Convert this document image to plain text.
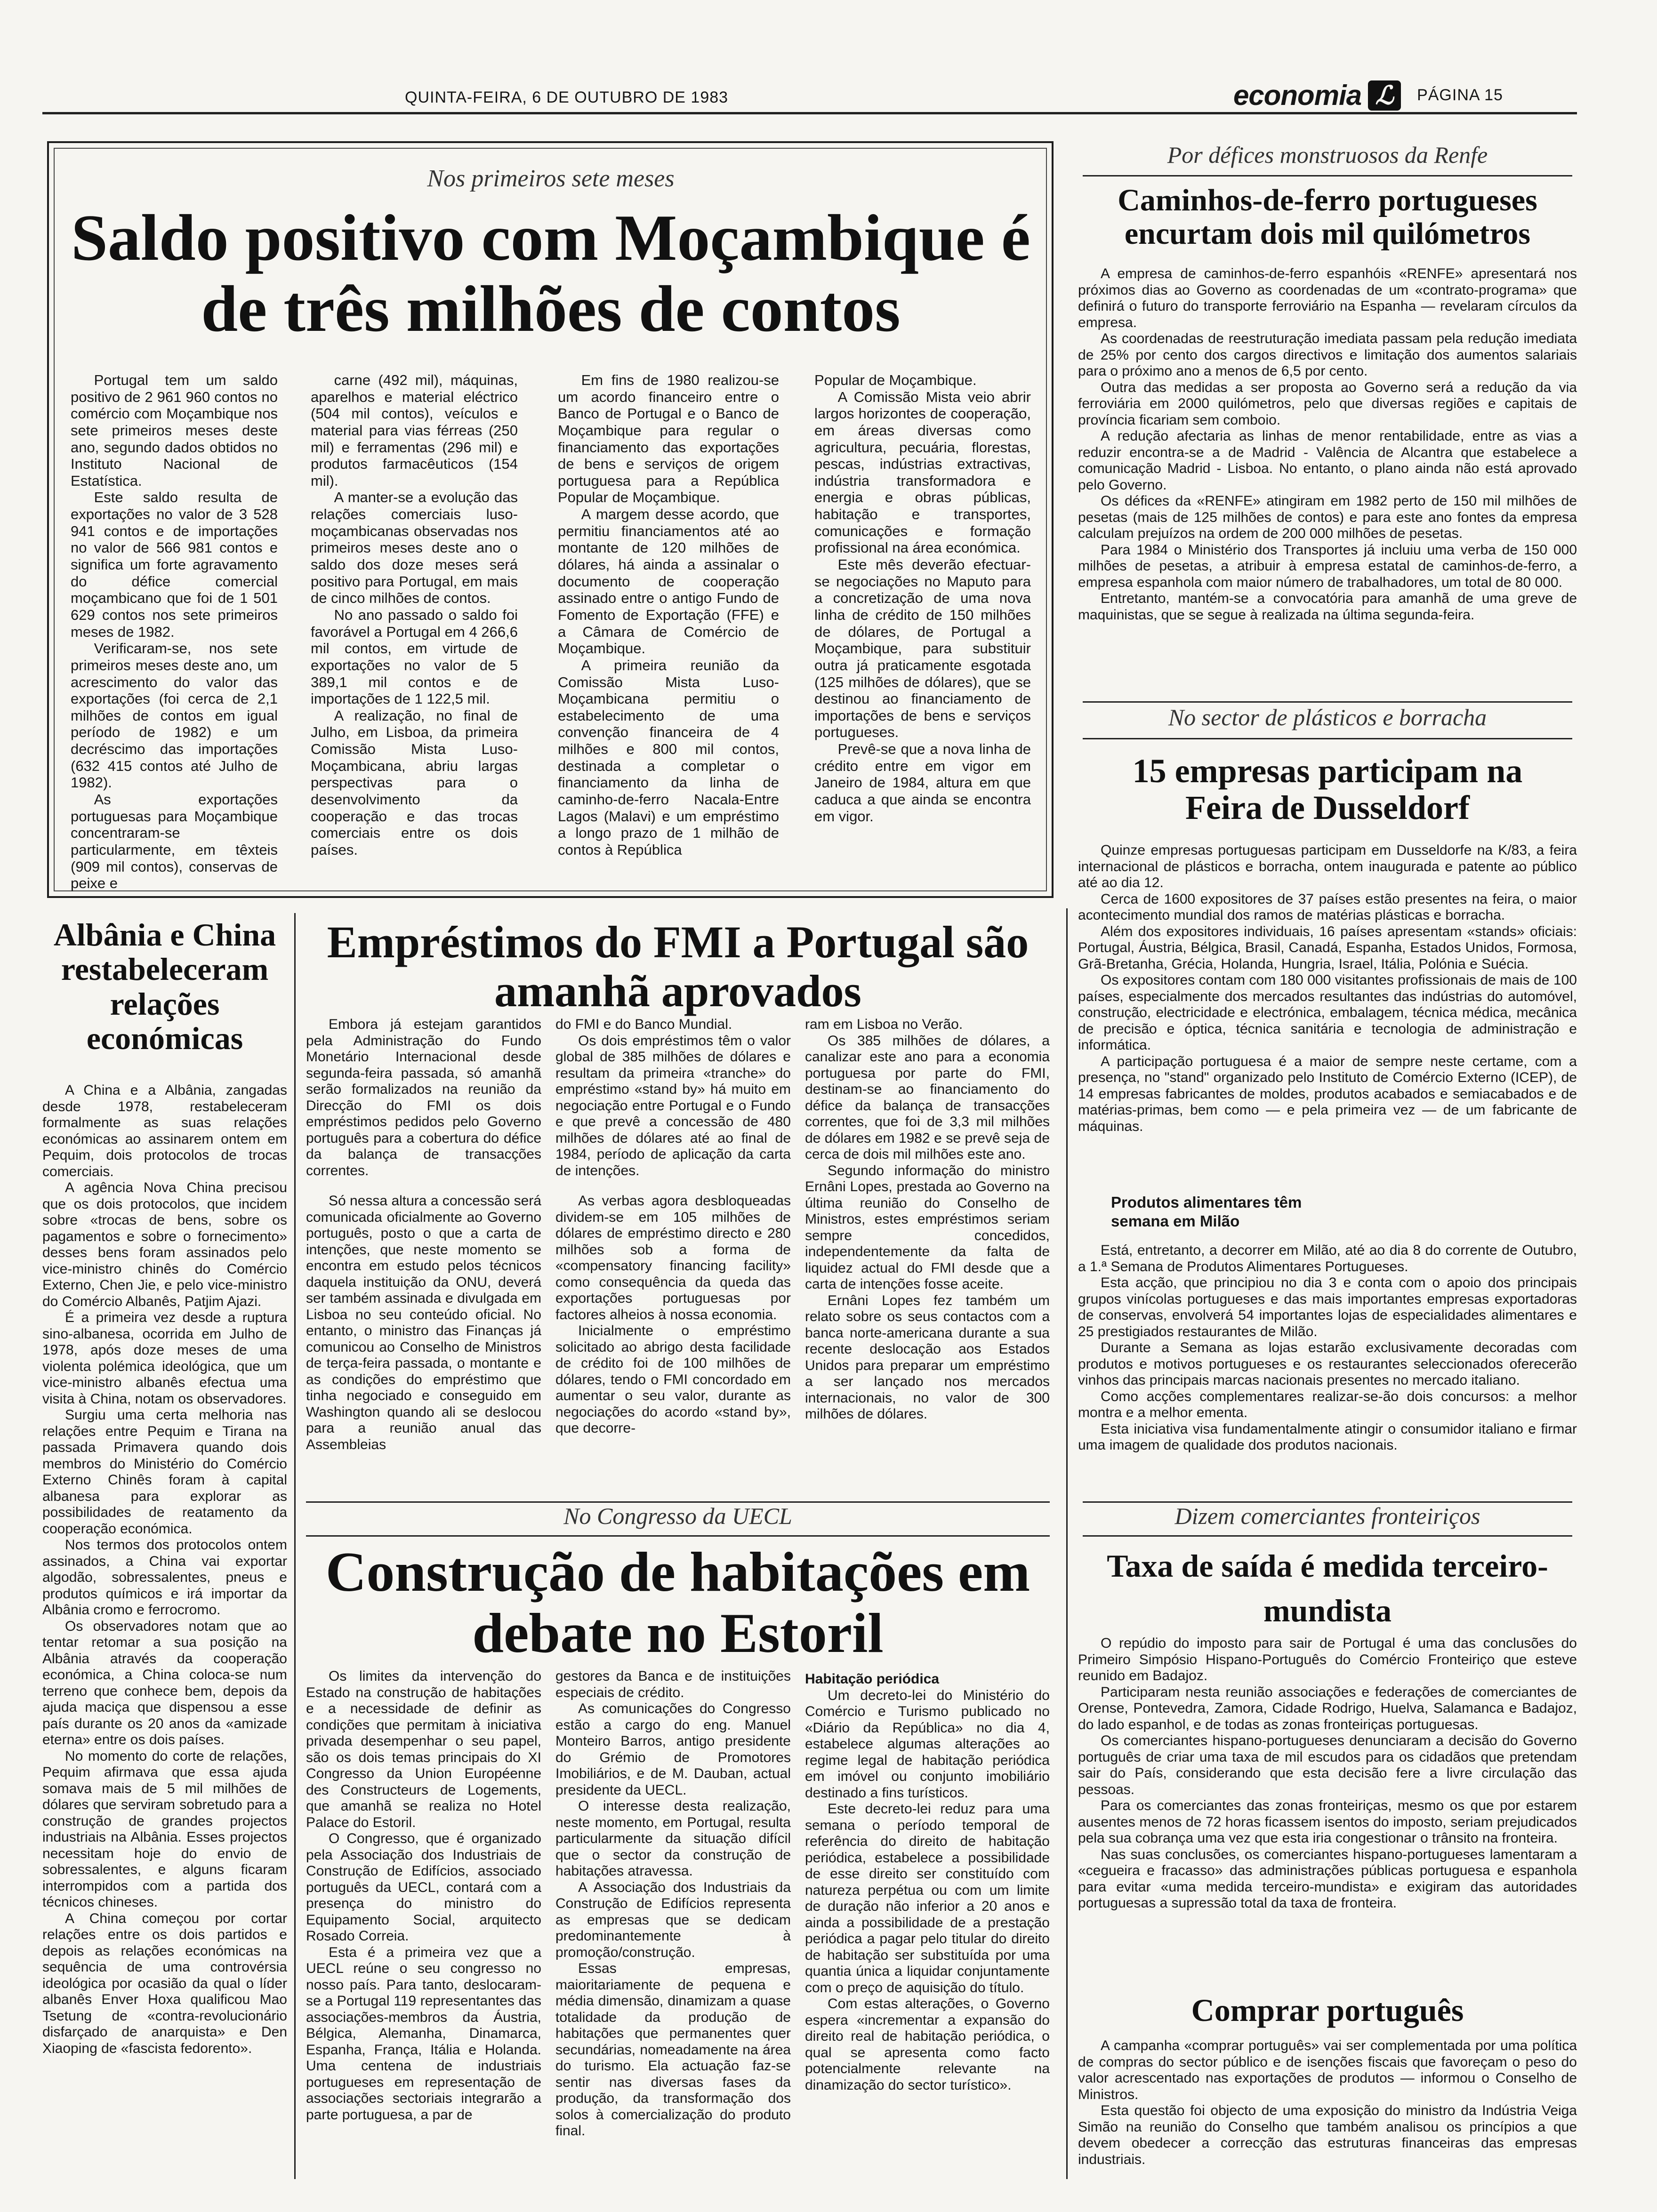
QUINTA-FEIRA, 6 DE OUTUBRO DE 1983	economia ℒ	PÁGINA 15
Nos primeiros sete meses
Saldo positivo com Moçambique é de três milhões de contos

Portugal tem um saldo positivo de 2 961 960 contos no comércio com Moçambique nos sete primeiros meses deste ano, segundo dados obtidos no Instituto Nacional de Estatística.

Este saldo resulta de exportações no valor de 3 528 941 contos e de importações no valor de 566 981 contos e significa um forte agravamento do défice comercial moçambicano que foi de 1 501 629 contos nos sete primeiros meses de 1982.

Verificaram-se, nos sete primeiros meses deste ano, um acrescimento do valor das exportações (foi cerca de 2,1 milhões de contos em igual período de 1982) e um decréscimo das importações (632 415 contos até Julho de 1982).

As exportações portuguesas para Moçambique concentraram-se particularmente, em têxteis (909 mil contos), conservas de peixe e

carne (492 mil), máquinas, aparelhos e material eléctrico (504 mil contos), veículos e material para vias férreas (250 mil) e ferramentas (296 mil) e produtos farmacêuticos (154 mil).

A manter-se a evolução das relações comerciais luso-moçambicanas observadas nos primeiros meses deste ano o saldo dos doze meses será positivo para Portugal, em mais de cinco milhões de contos.

No ano passado o saldo foi favorável a Portugal em 4 266,6 mil contos, em virtude de exportações no valor de 5 389,1 mil contos e de importações de 1 122,5 mil.

A realização, no final de Julho, em Lisboa, da primeira Comissão Mista Luso-Moçambicana, abriu largas perspectivas para o desenvolvimento da cooperação e das trocas comerciais entre os dois países.

Em fins de 1980 realizou-se um acordo financeiro entre o Banco de Portugal e o Banco de Moçambique para regular o financiamento das exportações de bens e serviços de origem portuguesa para a República Popular de Moçambique.

A margem desse acordo, que permitiu financiamentos até ao montante de 120 milhões de dólares, há ainda a assinalar o documento de cooperação assinado entre o antigo Fundo de Fomento de Exportação (FFE) e a Câmara de Comércio de Moçambique.

A primeira reunião da Comissão Mista Luso-Moçambicana permitiu o estabelecimento de uma convenção financeira de 4 milhões e 800 mil contos, destinada a completar o financiamento da linha de caminho-de-ferro Nacala-Entre Lagos (Malavi) e um empréstimo a longo prazo de 1 milhão de contos à República

Popular de Moçambique.

A Comissão Mista veio abrir largos horizontes de cooperação, em áreas diversas como agricultura, pecuária, florestas, pescas, indústrias extractivas, indústria transformadora e energia e obras públicas, habitação e transportes, comunicações e formação profissional na área económica.

Este mês deverão efectuar-se negociações no Maputo para a concretização de uma nova linha de crédito de 150 milhões de dólares, de Portugal a Moçambique, para substituir outra já praticamente esgotada (125 milhões de dólares), que se destinou ao financiamento de importações de bens e serviços portugueses.

Prevê-se que a nova linha de crédito entre em vigor em Janeiro de 1984, altura em que caduca a que ainda se encontra em vigor.

Por défices monstruosos da Renfe
Caminhos-de-ferro portugueses encurtam dois mil quilómetros

A empresa de caminhos-de-ferro espanhóis «RENFE» apresentará nos próximos dias ao Governo as coordenadas de um «contrato-programa» que definirá o futuro do transporte ferroviário na Espanha — revelaram círculos da empresa.

As coordenadas de reestruturação imediata passam pela redução imediata de 25% por cento dos cargos directivos e limitação dos aumentos salariais para o próximo ano a menos de 6,5 por cento.

Outra das medidas a ser proposta ao Governo será a redução da via ferroviária em 2000 quilómetros, pelo que diversas regiões e capitais de província ficariam sem comboio.

A redução afectaria as linhas de menor rentabilidade, entre as vias a reduzir encontra-se a de Madrid - Valência de Alcantra que estabelece a comunicação Madrid - Lisboa. No entanto, o plano ainda não está aprovado pelo Governo.

Os défices da «RENFE» atingiram em 1982 perto de 150 mil milhões de pesetas (mais de 125 milhões de contos) e para este ano fontes da empresa calculam prejuízos na ordem de 200 000 milhões de pesetas.

Para 1984 o Ministério dos Transportes já incluiu uma verba de 150 000 milhões de pesetas, a atribuir à empresa estatal de caminhos-de-ferro, a empresa espanhola com maior número de trabalhadores, um total de 80 000.

Entretanto, mantém-se a convocatória para amanhã de uma greve de maquinistas, que se segue à realizada na última segunda-feira.

No sector de plásticos e borracha
15 empresas participam na Feira de Dusseldorf

Quinze empresas portuguesas participam em Dusseldorfe na K/83, a feira internacional de plásticos e borracha, ontem inaugurada e patente ao público até ao dia 12.

Cerca de 1600 expositores de 37 países estão presentes na feira, o maior acontecimento mundial dos ramos de matérias plásticas e borracha.

Além dos expositores individuais, 16 países apresentam «stands» oficiais: Portugal, Áustria, Bélgica, Brasil, Canadá, Espanha, Estados Unidos, Formosa, Grã-Bretanha, Grécia, Holanda, Hungria, Israel, Itália, Polónia e Suécia.

Os expositores contam com 180 000 visitantes profissionais de mais de 100 países, especialmente dos mercados resultantes das indústrias do automóvel, construção, electricidade e electrónica, embalagem, técnica médica, mecânica de precisão e óptica, técnica sanitária e tecnologia de administração e informática.

A participação portuguesa é a maior de sempre neste certame, com a presença, no "stand" organizado pelo Instituto de Comércio Externo (ICEP), de 14 empresas fabricantes de moldes, produtos acabados e semiacabados e de matérias-primas, bem como — e pela primeira vez — de um fabricante de máquinas.

Produtos alimentares têm semana em Milão

Está, entretanto, a decorrer em Milão, até ao dia 8 do corrente de Outubro, a 1.ª Semana de Produtos Alimentares Portugueses.

Esta acção, que principiou no dia 3 e conta com o apoio dos principais grupos vinícolas portugueses e das mais importantes empresas exportadoras de conservas, envolverá 54 importantes lojas de especialidades alimentares e 25 prestigiados restaurantes de Milão.

Durante a Semana as lojas estarão exclusivamente decoradas com produtos e motivos portugueses e os restaurantes seleccionados oferecerão vinhos das principais marcas nacionais presentes no mercado italiano.

Como acções complementares realizar-se-ão dois concursos: a melhor montra e a melhor ementa.

Esta iniciativa visa fundamentalmente atingir o consumidor italiano e firmar uma imagem de qualidade dos produtos nacionais.

Albânia e China restabeleceram relações económicas

A China e a Albânia, zangadas desde 1978, restabeleceram formalmente as suas relações económicas ao assinarem ontem em Pequim, dois protocolos de trocas comerciais.

A agência Nova China precisou que os dois protocolos, que incidem sobre «trocas de bens, sobre os pagamentos e sobre o fornecimento» desses bens foram assinados pelo vice-ministro chinês do Comércio Externo, Chen Jie, e pelo vice-ministro do Comércio Albanês, Patjim Ajazi.

É a primeira vez desde a ruptura sino-albanesa, ocorrida em Julho de 1978, após doze meses de uma violenta polémica ideológica, que um vice-ministro albanês efectua uma visita à China, notam os observadores.

Surgiu uma certa melhoria nas relações entre Pequim e Tirana na passada Primavera quando dois membros do Ministério do Comércio Externo Chinês foram à capital albanesa para explorar as possibilidades de reatamento da cooperação económica.

Nos termos dos protocolos ontem assinados, a China vai exportar algodão, sobressalentes, pneus e produtos químicos e irá importar da Albânia cromo e ferrocromo.

Os observadores notam que ao tentar retomar a sua posição na Albânia através da cooperação económica, a China coloca-se num terreno que conhece bem, depois da ajuda maciça que dispensou a esse país durante os 20 anos da «amizade eterna» entre os dois países.

No momento do corte de relações, Pequim afirmava que essa ajuda somava mais de 5 mil milhões de dólares que serviram sobretudo para a construção de grandes projectos industriais na Albânia. Esses projectos necessitam hoje do envio de sobressalentes, e alguns ficaram interrompidos com a partida dos técnicos chineses.

A China começou por cortar relações entre os dois partidos e depois as relações económicas na sequência de uma controvérsia ideológica por ocasião da qual o líder albanês Enver Hoxa qualificou Mao Tsetung de «contra-revolucionário disfarçado de anarquista» e Den Xiaoping de «fascista fedorento».

Empréstimos do FMI a Portugal são amanhã aprovados

Embora já estejam garantidos pela Administração do Fundo Monetário Internacional desde segunda-feira passada, só amanhã serão formalizados na reunião da Direcção do FMI os dois empréstimos pedidos pelo Governo português para a cobertura do défice da balança de transacções correntes.

Só nessa altura a concessão será comunicada oficialmente ao Governo português, posto o que a carta de intenções, que neste momento se encontra em estudo pelos técnicos daquela instituição da ONU, deverá ser também assinada e divulgada em Lisboa no seu conteúdo oficial. No entanto, o ministro das Finanças já comunicou ao Conselho de Ministros de terça-feira passada, o montante e as condições do empréstimo que tinha negociado e conseguido em Washington quando ali se deslocou para a reunião anual das Assembleias

do FMI e do Banco Mundial.

Os dois empréstimos têm o valor global de 385 milhões de dólares e resultam da primeira «tranche» do empréstimo «stand by» há muito em negociação entre Portugal e o Fundo e que prevê a concessão de 480 milhões de dólares até ao final de 1984, período de aplicação da carta de intenções.

As verbas agora desbloqueadas dividem-se em 105 milhões de dólares de empréstimo directo e 280 milhões sob a forma de «compensatory financing facility» como consequência da queda das exportações portuguesas por factores alheios à nossa economia.

Inicialmente o empréstimo solicitado ao abrigo desta facilidade de crédito foi de 100 milhões de dólares, tendo o FMI concordado em aumentar o seu valor, durante as negociações do acordo «stand by», que decorre-

ram em Lisboa no Verão.

Os 385 milhões de dólares, a canalizar este ano para a economia portuguesa por parte do FMI, destinam-se ao financiamento do défice da balança de transacções correntes, que foi de 3,3 mil milhões de dólares em 1982 e se prevê seja de cerca de dois mil milhões este ano.

Segundo informação do ministro Ernâni Lopes, prestada ao Governo na última reunião do Conselho de Ministros, estes empréstimos seriam sempre concedidos, independentemente da falta de liquidez actual do FMI desde que a carta de intenções fosse aceite.

Ernâni Lopes fez também um relato sobre os seus contactos com a banca norte-americana durante a sua recente deslocação aos Estados Unidos para preparar um empréstimo a ser lançado nos mercados internacionais, no valor de 300 milhões de dólares.

No Congresso da UECL
Construção de habitações em debate no Estoril

Os limites da intervenção do Estado na construção de habitações e a necessidade de definir as condições que permitam à iniciativa privada desempenhar o seu papel, são os dois temas principais do XI Congresso da Union Européenne des Constructeurs de Logements, que amanhã se realiza no Hotel Palace do Estoril.

O Congresso, que é organizado pela Associação dos Industriais de Construção de Edifícios, associado português da UECL, contará com a presença do ministro do Equipamento Social, arquitecto Rosado Correia.

Esta é a primeira vez que a UECL reúne o seu congresso no nosso país. Para tanto, deslocaram-se a Portugal 119 representantes das associações-membros da Áustria, Bélgica, Alemanha, Dinamarca, Espanha, França, Itália e Holanda. Uma centena de industriais portugueses em representação de associações sectoriais integrarão a parte portuguesa, a par de

gestores da Banca e de instituições especiais de crédito.

As comunicações do Congresso estão a cargo do eng. Manuel Monteiro Barros, antigo presidente do Grémio de Promotores Imobiliários, e de M. Dauban, actual presidente da UECL.

O interesse desta realização, neste momento, em Portugal, resulta particularmente da situação difícil que o sector da construção de habitações atravessa.

A Associação dos Industriais da Construção de Edifícios representa as empresas que se dedicam predominantemente à promoção/construção.

Essas empresas, maioritariamente de pequena e média dimensão, dinamizam a quase totalidade da produção de habitações que permanentes quer secundárias, nomeadamente na área do turismo. Ela actuação faz-se sentir nas diversas fases da produção, da transformação dos solos à comercialização do produto final.

Habitação periódica

Um decreto-lei do Ministério do Comércio e Turismo publicado no «Diário da República» no dia 4, estabelece algumas alterações ao regime legal de habitação periódica em imóvel ou conjunto imobiliário destinado a fins turísticos.

Este decreto-lei reduz para uma semana o período temporal de referência do direito de habitação periódica, estabelece a possibilidade de esse direito ser constituído com natureza perpétua ou com um limite de duração não inferior a 20 anos e ainda a possibilidade de a prestação periódica a pagar pelo titular do direito de habitação ser substituída por uma quantia única a liquidar conjuntamente com o preço de aquisição do título.

Com estas alterações, o Governo espera «incrementar a expansão do direito real de habitação periódica, o qual se apresenta como facto potencialmente relevante na dinamização do sector turístico».

Dizem comerciantes fronteiriços
Taxa de saída é medida terceiro-mundista

O repúdio do imposto para sair de Portugal é uma das conclusões do Primeiro Simpósio Hispano-Português do Comércio Fronteiriço que esteve reunido em Badajoz.

Participaram nesta reunião associações e federações de comerciantes de Orense, Pontevedra, Zamora, Cidade Rodrigo, Huelva, Salamanca e Badajoz, do lado espanhol, e de todas as zonas fronteiriças portuguesas.

Os comerciantes hispano-portugueses denunciaram a decisão do Governo português de criar uma taxa de mil escudos para os cidadãos que pretendam sair do País, considerando que esta decisão fere a livre circulação das pessoas.

Para os comerciantes das zonas fronteiriças, mesmo os que por estarem ausentes menos de 72 horas ficassem isentos do imposto, seriam prejudicados pela sua cobrança uma vez que esta iria congestionar o trânsito na fronteira.

Nas suas conclusões, os comerciantes hispano-portugueses lamentaram a «cegueira e fracasso» das administrações públicas portuguesa e espanhola para evitar «uma medida terceiro-mundista» e exigiram das autoridades portuguesas a supressão total da taxa de fronteira.

Comprar português

A campanha «comprar português» vai ser complementada por uma política de compras do sector público e de isenções fiscais que favoreçam o peso do valor acrescentado nas exportações de produtos — informou o Conselho de Ministros.

Esta questão foi objecto de uma exposição do ministro da Indústria Veiga Simão na reunião do Conselho que também analisou os princípios a que devem obedecer a correcção das estruturas financeiras das empresas industriais.
